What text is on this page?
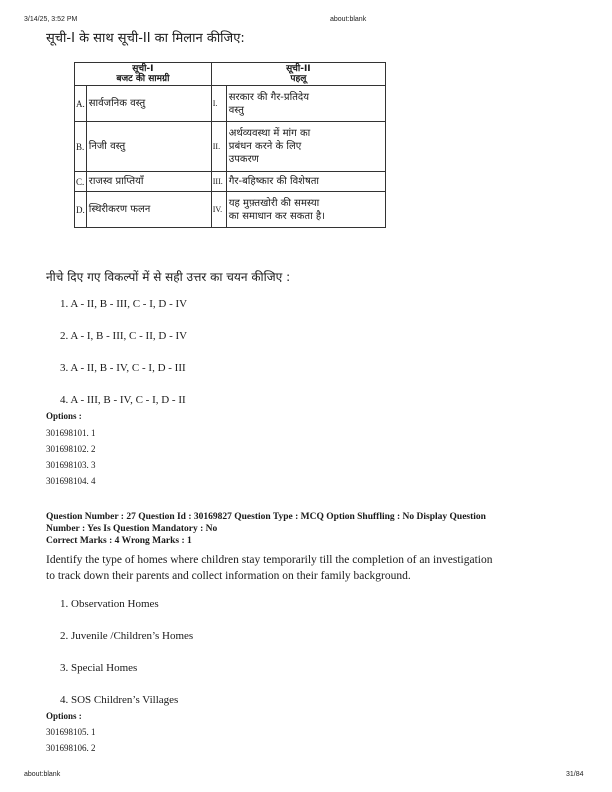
3/14/25, 3:52 PM	about:blank
about:blank	31/84
सूची-I के साथ सूची-II का मिलान कीजिए:
सूची-I
बजट की सामग्री		सूची-II
पहलू	

A.	सार्वजनिक वस्तु	I.	सरकार की गैर-प्रतिदेय
वस्तु

B.	निजी वस्तु	II.	अर्थव्यवस्था में मांग का
प्रबंधन करने के लिए
उपकरण

C.	राजस्व प्राप्तियाँ	III.	गैर-बहिष्कार की विशेषता

D.	स्थिरीकरण फलन	IV.	यह मुफ़्तखोरी की समस्या
का समाधान कर सकता है।
नीचे दिए गए विकल्पों में से सही उत्तर का चयन कीजिए :
1. A - II, B - III, C - I, D - IV
2. A - I, B - III, C - II, D - IV
3. A - II, B - IV, C - I, D - III
4. A - III, B - IV, C - I, D - II
Options :
301698101. 1
301698102. 2
301698103. 3
301698104. 4
Question Number : 27 Question Id : 30169827 Question Type : MCQ Option Shuffling : No Display Question
Number : Yes Is Question Mandatory : No
Correct Marks : 4 Wrong Marks : 1
Identify the type of homes where children stay temporarily till the completion of an investigation
to track down their parents and collect information on their family background.
1. Observation Homes
2. Juvenile /Children’s Homes
3. Special Homes
4. SOS Children’s Villages
Options :
301698105. 1
301698106. 2
